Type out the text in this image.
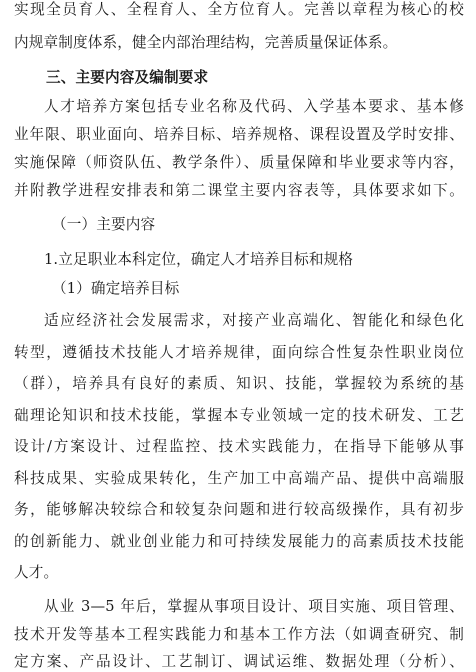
实现全员育人、全程育人、全方位育人。完善以章程为核心的校
内规章制度体系，健全内部治理结构，完善质量保证体系。
三、主要内容及编制要求
人才培养方案包括专业名称及代码、入学基本要求、基本修
业年限、职业面向、培养目标、培养规格、课程设置及学时安排、
实施保障（师资队伍、教学条件）、质量保障和毕业要求等内容，
并附教学进程安排表和第二课堂主要内容表等，具体要求如下。
（一）主要内容
1.立足职业本科定位，确定人才培养目标和规格
（1）确定培养目标
适应经济社会发展需求，对接产业高端化、智能化和绿色化
转型，遵循技术技能人才培养规律，面向综合性复杂性职业岗位
（群），培养具有良好的素质、知识、技能，掌握较为系统的基
础理论知识和技术技能，掌握本专业领域一定的技术研发、工艺
设计/方案设计、过程监控、技术实践能力，在指导下能够从事
科技成果、实验成果转化，生产加工中高端产品、提供中高端服
务，能够解决较综合和较复杂问题和进行较高级操作，具有初步
的创新能力、就业创业能力和可持续发展能力的高素质技术技能
人才。
从业 3—5 年后，掌握从事项目设计、项目实施、项目管理、
技术开发等基本工程实践能力和基本工作方法（如调查研究、制
定方案、产品设计、工艺制订、调试运维、数据处理（分析）、
